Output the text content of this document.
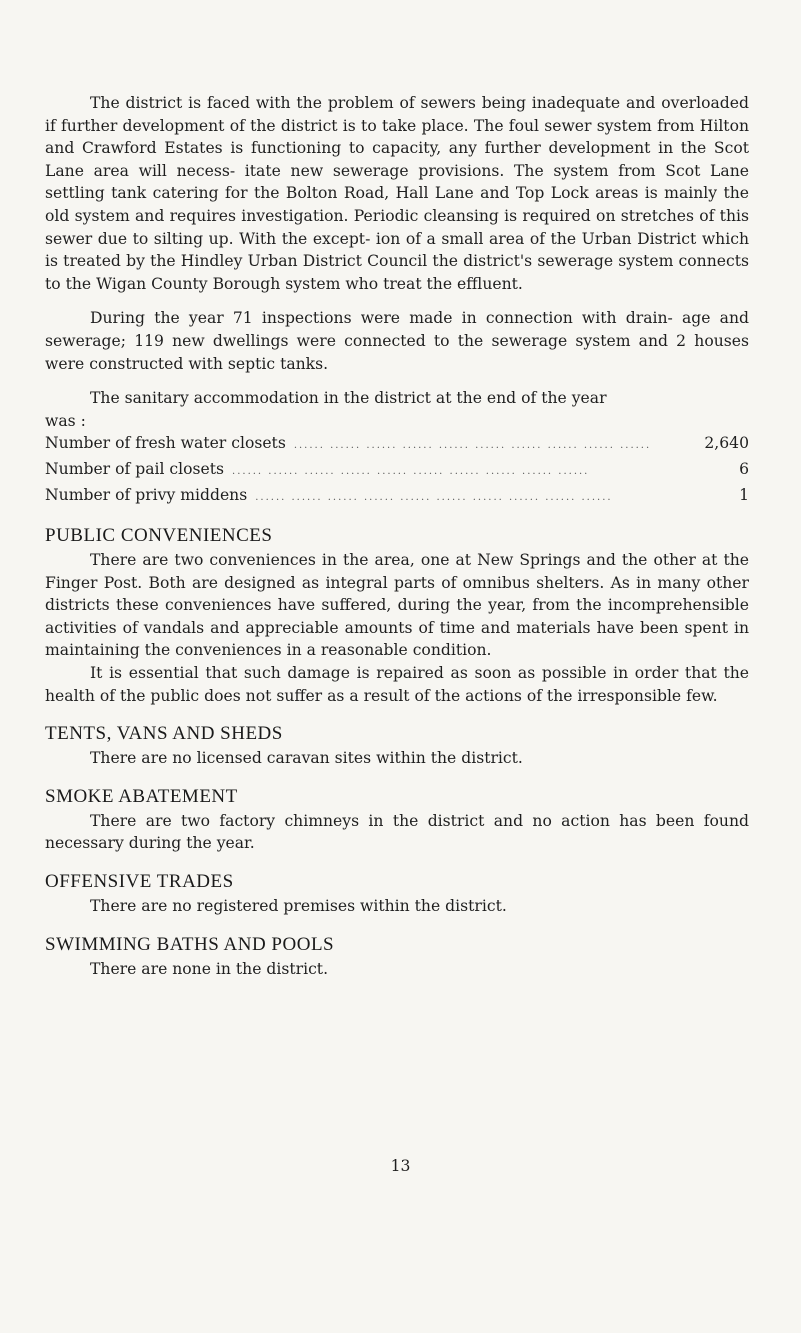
The district is faced with the problem of sewers being inadequate and overloaded if further development of the district is to take place. The foul sewer system from Hilton and Crawford Estates is functioning to capacity, any further development in the Scot Lane area will necess- itate new sewerage provisions. The system from Scot Lane settling tank catering for the Bolton Road, Hall Lane and Top Lock areas is mainly the old system and requires investigation. Periodic cleansing is required on stretches of this sewer due to silting up. With the except- ion of a small area of the Urban District which is treated by the Hindley Urban District Council the district's sewerage system connects to the Wigan County Borough system who treat the effluent.

During the year 71 inspections were made in connection with drain- age and sewerage; 119 new dwellings were connected to the sewerage system and 2 houses were constructed with septic tanks.

The sanitary accommodation in the district at the end of the year

was :

Number of fresh water closets .....	2,640
Number of pail closets .....	6
Number of privy middens .....	1
PUBLIC CONVENIENCES

There are two conveniences in the area, one at New Springs and the other at the Finger Post. Both are designed as integral parts of omnibus shelters. As in many other districts these conveniences have suffered, during the year, from the incomprehensible activities of vandals and appreciable amounts of time and materials have been spent in maintaining the conveniences in a reasonable condition.

It is essential that such damage is repaired as soon as possible in order that the health of the public does not suffer as a result of the actions of the irresponsible few.

TENTS, VANS AND SHEDS

There are no licensed caravan sites within the district.

SMOKE ABATEMENT

There are two factory chimneys in the district and no action has been found necessary during the year.

OFFENSIVE TRADES

There are no registered premises within the district.

SWIMMING BATHS AND POOLS

There are none in the district.

13
